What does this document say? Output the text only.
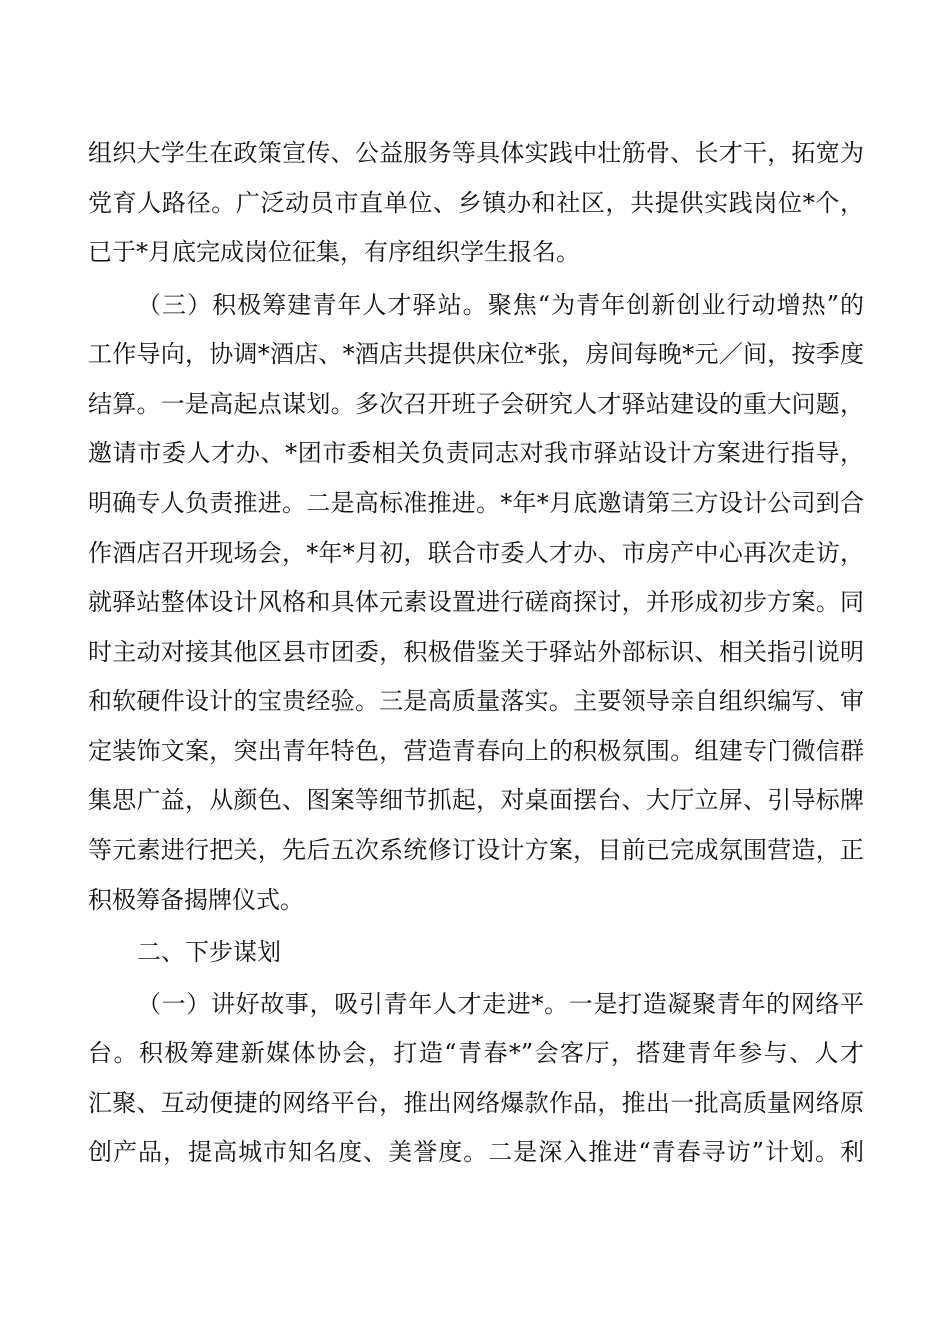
组织大学生在政策宣传、公益服务等具体实践中壮筋骨、长才干，拓宽为
党育人路径。广泛动员市直单位、乡镇办和社区，共提供实践岗位*个，
已于*月底完成岗位征集，有序组织学生报名。
（三）积极筹建青年人才驿站。聚焦“为青年创新创业行动增热”的
工作导向，协调*酒店、*酒店共提供床位*张，房间每晚*元／间，按季度
结算。一是高起点谋划。多次召开班子会研究人才驿站建设的重大问题，
邀请市委人才办、*团市委相关负责同志对我市驿站设计方案进行指导，
明确专人负责推进。二是高标准推进。*年*月底邀请第三方设计公司到合
作酒店召开现场会，*年*月初，联合市委人才办、市房产中心再次走访，
就驿站整体设计风格和具体元素设置进行磋商探讨，并形成初步方案。同
时主动对接其他区县市团委，积极借鉴关于驿站外部标识、相关指引说明
和软硬件设计的宝贵经验。三是高质量落实。主要领导亲自组织编写、审
定装饰文案，突出青年特色，营造青春向上的积极氛围。组建专门微信群
集思广益，从颜色、图案等细节抓起，对桌面摆台、大厅立屏、引导标牌
等元素进行把关，先后五次系统修订设计方案，目前已完成氛围营造，正
积极筹备揭牌仪式。
二、下步谋划
（一）讲好故事，吸引青年人才走进*。一是打造凝聚青年的网络平
台。积极筹建新媒体协会，打造“青春*”会客厅，搭建青年参与、人才
汇聚、互动便捷的网络平台，推出网络爆款作品，推出一批高质量网络原
创产品，提高城市知名度、美誉度。二是深入推进“青春寻访”计划。利
